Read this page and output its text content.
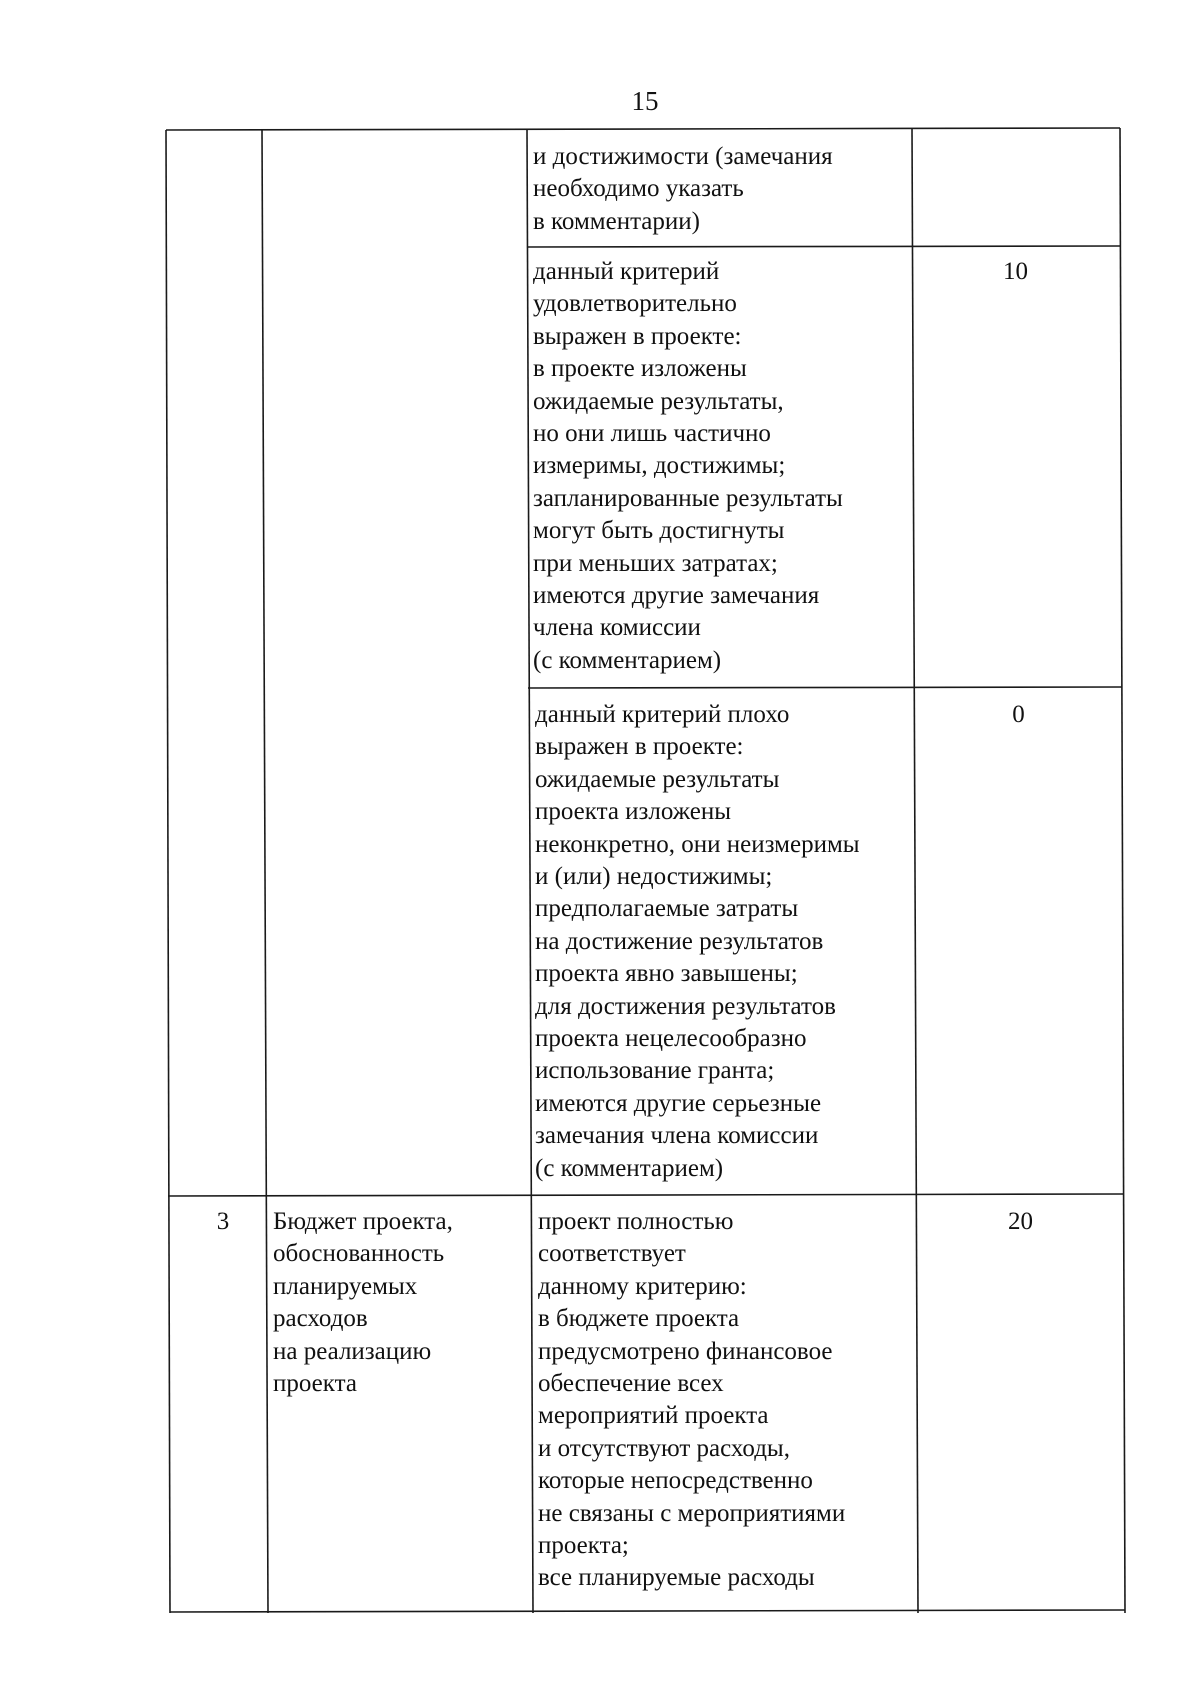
15
и достижимости (замечания
необходимо указать
в комментарии)
данный критерий
удовлетворительно
выражен в проекте:
в проекте изложены
ожидаемые результаты,
но они лишь частично
измеримы, достижимы;
запланированные результаты
могут быть достигнуты
при меньших затратах;
имеются другие замечания
члена комиссии
(с комментарием)
10
данный критерий плохо
выражен в проекте:
ожидаемые результаты
проекта изложены
неконкретно, они неизмеримы
и (или) недостижимы;
предполагаемые затраты
на достижение результатов
проекта явно завышены;
для достижения результатов
проекта нецелесообразно
использование гранта;
имеются другие серьезные
замечания члена комиссии
(с комментарием)
0
3	Бюджет проекта,
обоснованность
планируемых
расходов
на реализацию
проекта
проект полностью
соответствует
данному критерию:
в бюджете проекта
предусмотрено финансовое
обеспечение всех
мероприятий проекта
и отсутствуют расходы,
которые непосредственно
не связаны с мероприятиями
проекта;
все планируемые расходы
20
